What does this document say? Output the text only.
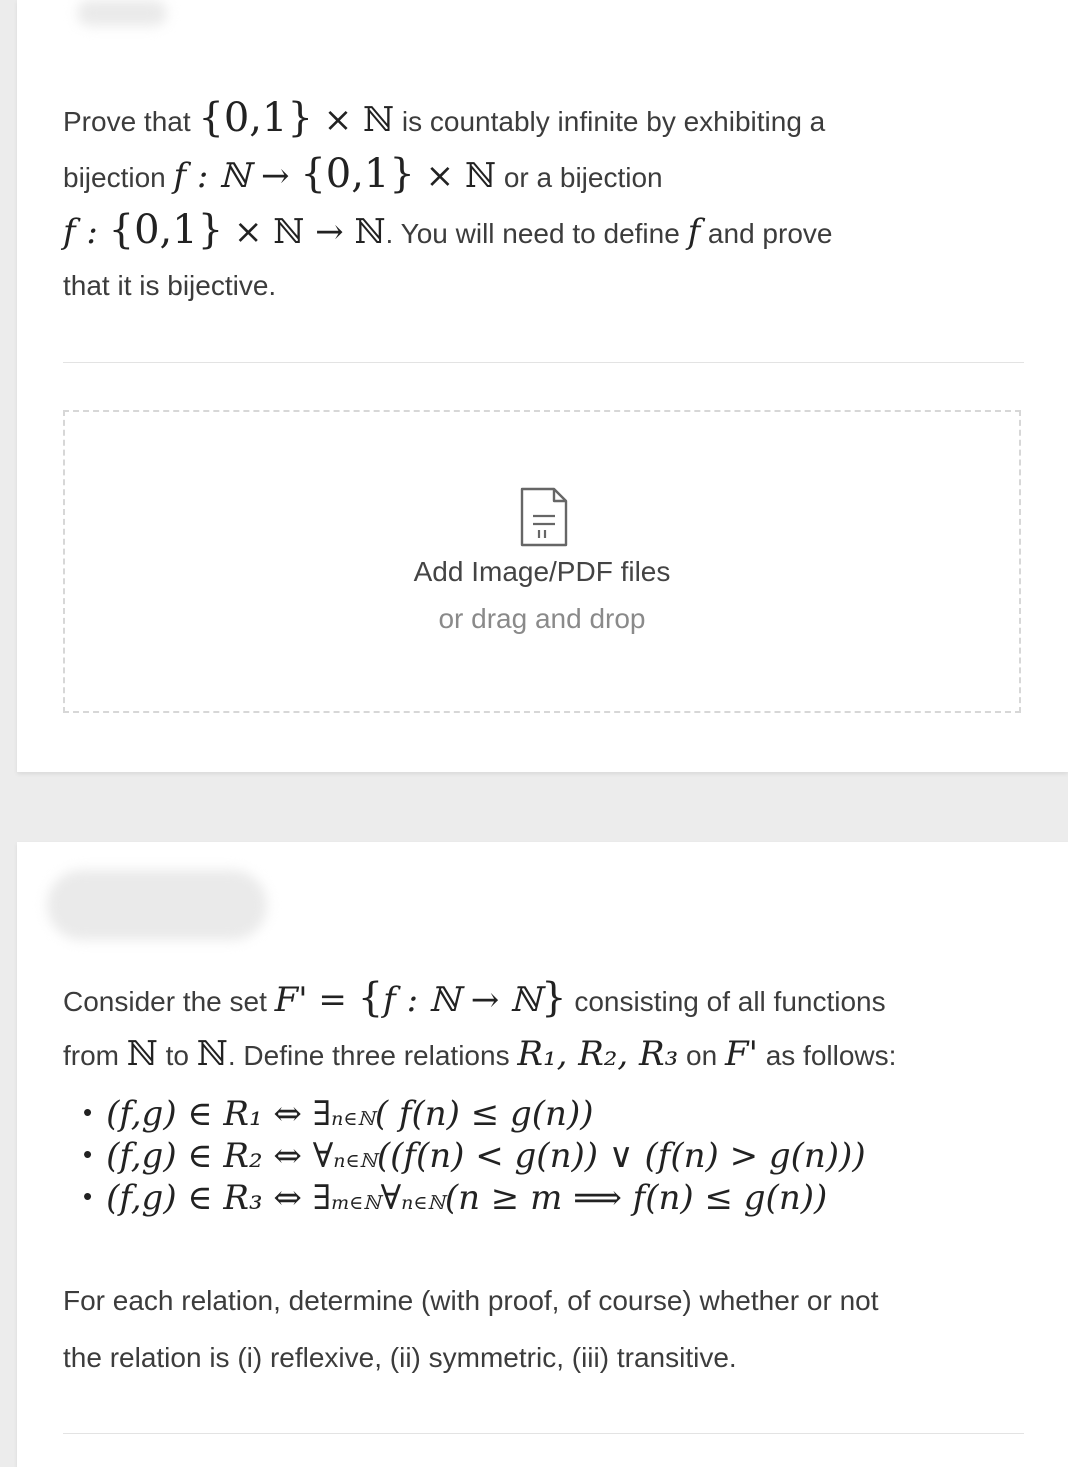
Prove that {0,1} × ℕ is countably infinite by exhibiting a
bijection f : ℕ → {0,1} × ℕ or a bijection
f : {0,1} × ℕ → ℕ. You will need to define f and prove
that it is bijective.
Add Image/PDF files
or drag and drop
Consider the set F' = {f : ℕ → ℕ} consisting of all functions
from ℕ to ℕ. Define three relations R₁, R₂, R₃ on F' as follows:
• (f,g) ∈ R₁ ⇔ ∃n∈ℕ( f(n) ≤ g(n))
• (f,g) ∈ R₂ ⇔ ∀n∈ℕ((f(n) < g(n)) ∨ (f(n) > g(n)))
• (f,g) ∈ R₃ ⇔ ∃m∈ℕ∀n∈ℕ(n ≥ m ⟹ f(n) ≤ g(n))
For each relation, determine (with proof, of course) whether or not
the relation is (i) reflexive, (ii) symmetric, (iii) transitive.
